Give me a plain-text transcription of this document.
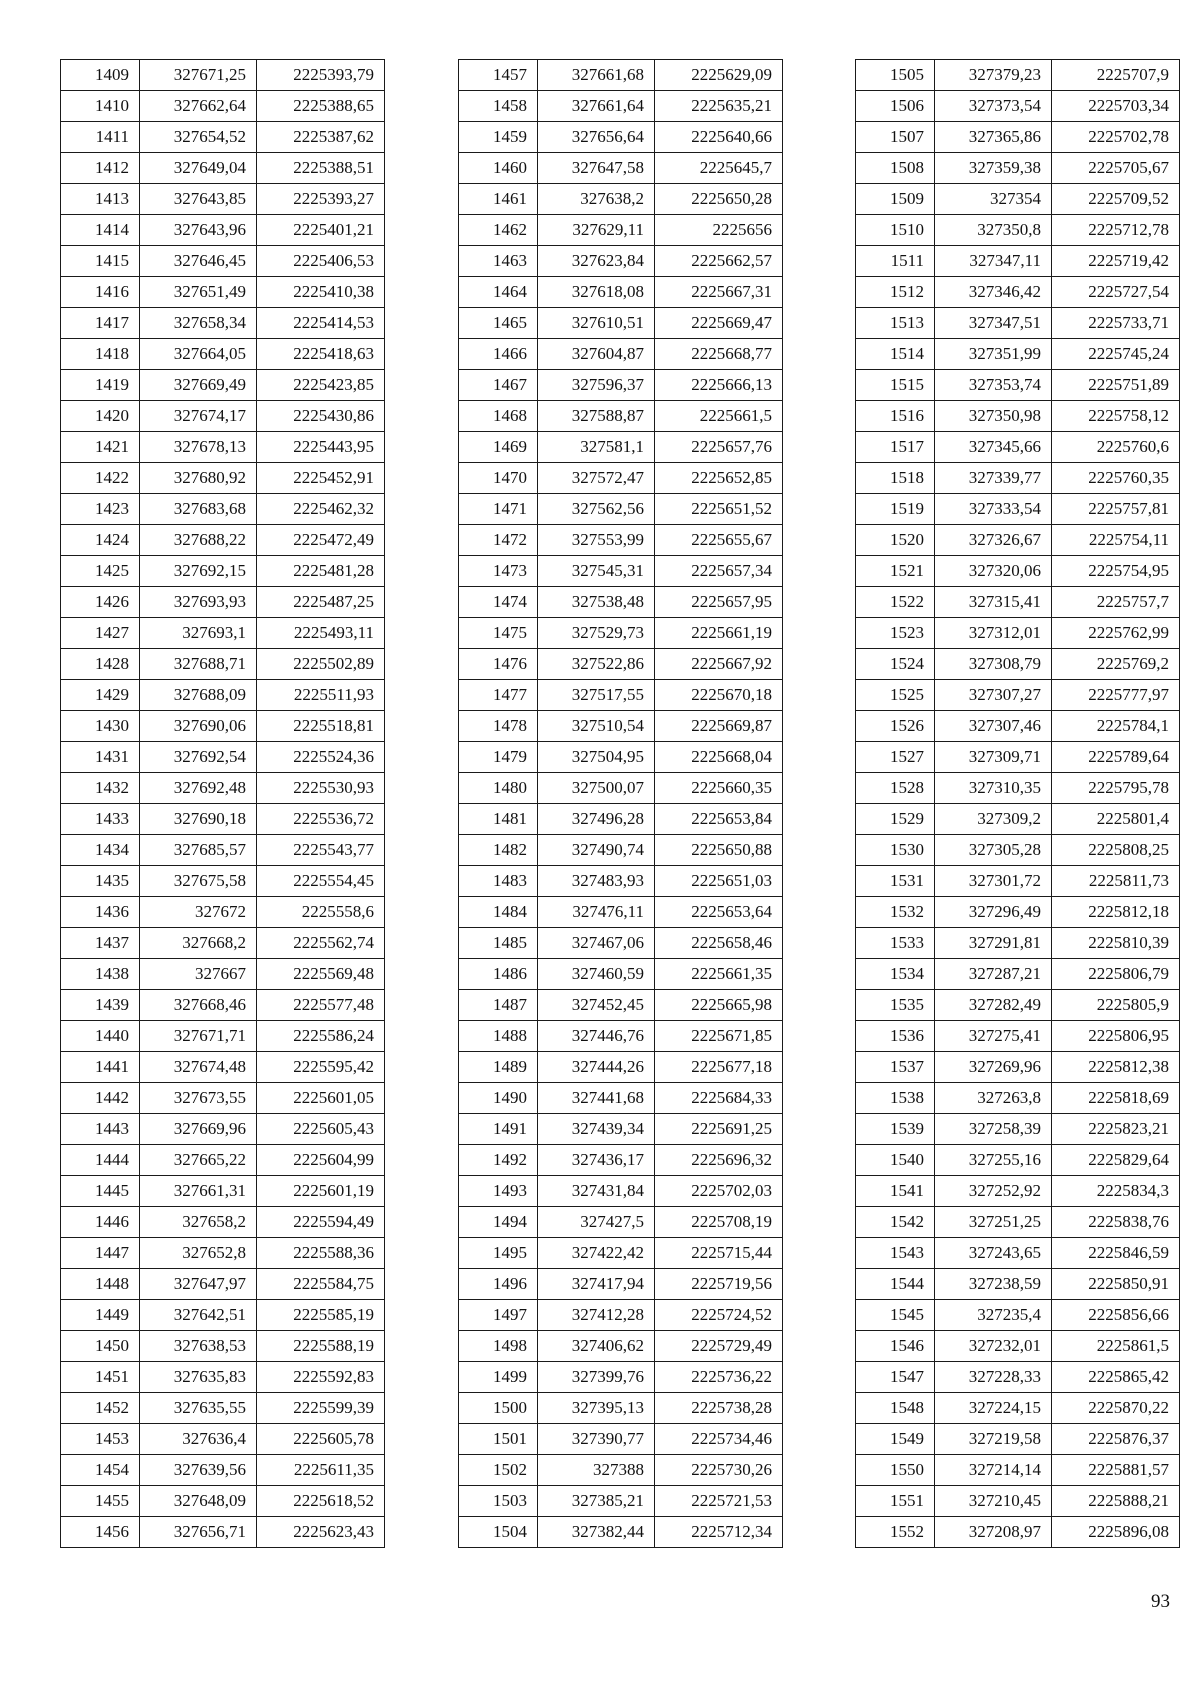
1409	327671,25	2225393,79
1410	327662,64	2225388,65
1411	327654,52	2225387,62
1412	327649,04	2225388,51
1413	327643,85	2225393,27
1414	327643,96	2225401,21
1415	327646,45	2225406,53
1416	327651,49	2225410,38
1417	327658,34	2225414,53
1418	327664,05	2225418,63
1419	327669,49	2225423,85
1420	327674,17	2225430,86
1421	327678,13	2225443,95
1422	327680,92	2225452,91
1423	327683,68	2225462,32
1424	327688,22	2225472,49
1425	327692,15	2225481,28
1426	327693,93	2225487,25
1427	327693,1	2225493,11
1428	327688,71	2225502,89
1429	327688,09	2225511,93
1430	327690,06	2225518,81
1431	327692,54	2225524,36
1432	327692,48	2225530,93
1433	327690,18	2225536,72
1434	327685,57	2225543,77
1435	327675,58	2225554,45
1436	327672	2225558,6
1437	327668,2	2225562,74
1438	327667	2225569,48
1439	327668,46	2225577,48
1440	327671,71	2225586,24
1441	327674,48	2225595,42
1442	327673,55	2225601,05
1443	327669,96	2225605,43
1444	327665,22	2225604,99
1445	327661,31	2225601,19
1446	327658,2	2225594,49
1447	327652,8	2225588,36
1448	327647,97	2225584,75
1449	327642,51	2225585,19
1450	327638,53	2225588,19
1451	327635,83	2225592,83
1452	327635,55	2225599,39
1453	327636,4	2225605,78
1454	327639,56	2225611,35
1455	327648,09	2225618,52
1456	327656,71	2225623,43
1457	327661,68	2225629,09
1458	327661,64	2225635,21
1459	327656,64	2225640,66
1460	327647,58	2225645,7
1461	327638,2	2225650,28
1462	327629,11	2225656
1463	327623,84	2225662,57
1464	327618,08	2225667,31
1465	327610,51	2225669,47
1466	327604,87	2225668,77
1467	327596,37	2225666,13
1468	327588,87	2225661,5
1469	327581,1	2225657,76
1470	327572,47	2225652,85
1471	327562,56	2225651,52
1472	327553,99	2225655,67
1473	327545,31	2225657,34
1474	327538,48	2225657,95
1475	327529,73	2225661,19
1476	327522,86	2225667,92
1477	327517,55	2225670,18
1478	327510,54	2225669,87
1479	327504,95	2225668,04
1480	327500,07	2225660,35
1481	327496,28	2225653,84
1482	327490,74	2225650,88
1483	327483,93	2225651,03
1484	327476,11	2225653,64
1485	327467,06	2225658,46
1486	327460,59	2225661,35
1487	327452,45	2225665,98
1488	327446,76	2225671,85
1489	327444,26	2225677,18
1490	327441,68	2225684,33
1491	327439,34	2225691,25
1492	327436,17	2225696,32
1493	327431,84	2225702,03
1494	327427,5	2225708,19
1495	327422,42	2225715,44
1496	327417,94	2225719,56
1497	327412,28	2225724,52
1498	327406,62	2225729,49
1499	327399,76	2225736,22
1500	327395,13	2225738,28
1501	327390,77	2225734,46
1502	327388	2225730,26
1503	327385,21	2225721,53
1504	327382,44	2225712,34
1505	327379,23	2225707,9
1506	327373,54	2225703,34
1507	327365,86	2225702,78
1508	327359,38	2225705,67
1509	327354	2225709,52
1510	327350,8	2225712,78
1511	327347,11	2225719,42
1512	327346,42	2225727,54
1513	327347,51	2225733,71
1514	327351,99	2225745,24
1515	327353,74	2225751,89
1516	327350,98	2225758,12
1517	327345,66	2225760,6
1518	327339,77	2225760,35
1519	327333,54	2225757,81
1520	327326,67	2225754,11
1521	327320,06	2225754,95
1522	327315,41	2225757,7
1523	327312,01	2225762,99
1524	327308,79	2225769,2
1525	327307,27	2225777,97
1526	327307,46	2225784,1
1527	327309,71	2225789,64
1528	327310,35	2225795,78
1529	327309,2	2225801,4
1530	327305,28	2225808,25
1531	327301,72	2225811,73
1532	327296,49	2225812,18
1533	327291,81	2225810,39
1534	327287,21	2225806,79
1535	327282,49	2225805,9
1536	327275,41	2225806,95
1537	327269,96	2225812,38
1538	327263,8	2225818,69
1539	327258,39	2225823,21
1540	327255,16	2225829,64
1541	327252,92	2225834,3
1542	327251,25	2225838,76
1543	327243,65	2225846,59
1544	327238,59	2225850,91
1545	327235,4	2225856,66
1546	327232,01	2225861,5
1547	327228,33	2225865,42
1548	327224,15	2225870,22
1549	327219,58	2225876,37
1550	327214,14	2225881,57
1551	327210,45	2225888,21
1552	327208,97	2225896,08
93
